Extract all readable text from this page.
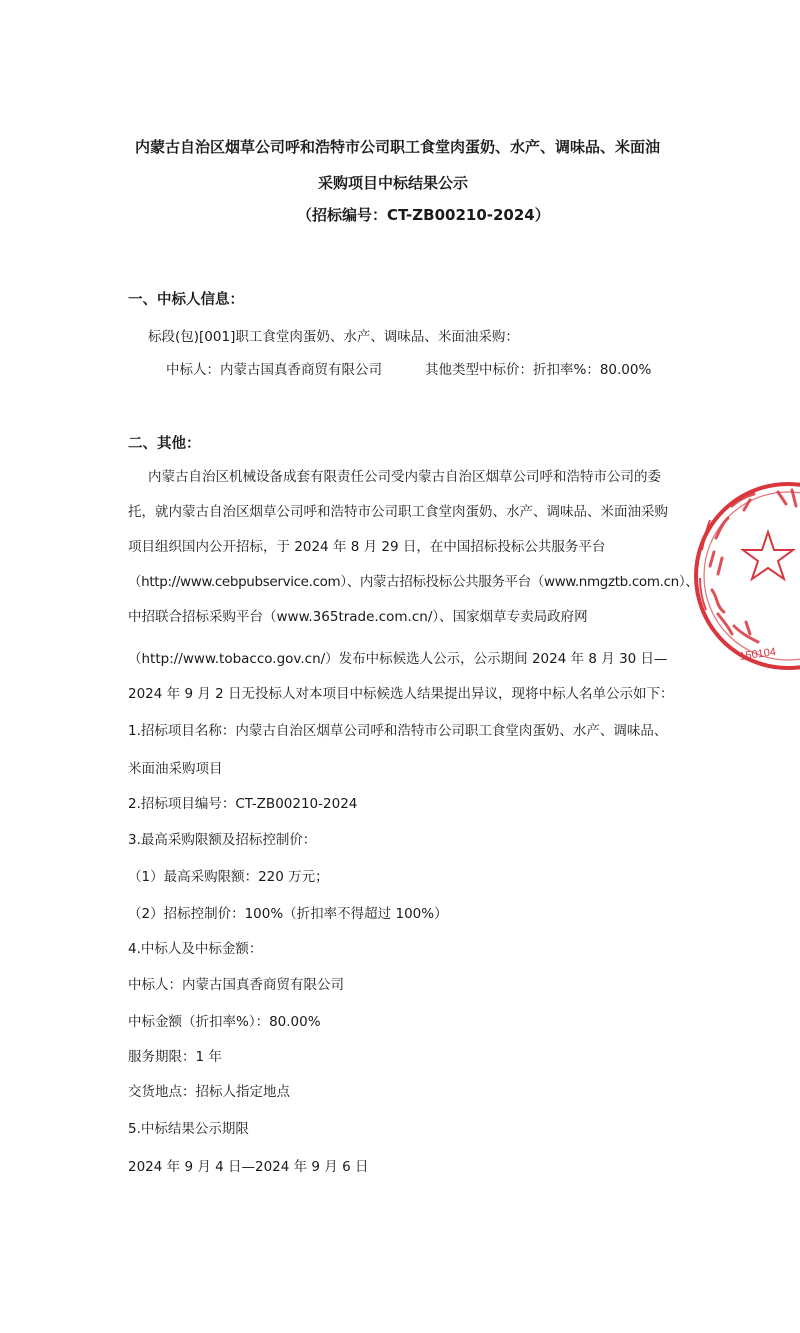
内蒙古自治区烟草公司呼和浩特市公司职工食堂肉蛋奶、水产、调味品、米面油
采购项目中标结果公示
（招标编号：CT-ZB00210-2024）
一、中标人信息：
标段(包)[001]职工食堂肉蛋奶、水产、调味品、米面油采购：
中标人：内蒙古国真香商贸有限公司	其他类型中标价：折扣率%：80.00%
二、其他：
内蒙古自治区机械设备成套有限责任公司受内蒙古自治区烟草公司呼和浩特市公司的委
托，就内蒙古自治区烟草公司呼和浩特市公司职工食堂肉蛋奶、水产、调味品、米面油采购
项目组织国内公开招标，于 2024 年 8 月 29 日，在中国招标投标公共服务平台
（http://www.cebpubservice.com）、内蒙古招标投标公共服务平台（www.nmgztb.com.cn）、
中招联合招标采购平台（www.365trade.com.cn/）、国家烟草专卖局政府网
（http://www.tobacco.gov.cn/）发布中标候选人公示，公示期间 2024 年 8 月 30 日—
2024 年 9 月 2 日无投标人对本项目中标候选人结果提出异议，现将中标人名单公示如下：
1.招标项目名称：内蒙古自治区烟草公司呼和浩特市公司职工食堂肉蛋奶、水产、调味品、
米面油采购项目
2.招标项目编号：CT-ZB00210-2024
3.最高采购限额及招标控制价：
（1）最高采购限额：220 万元；
（2）招标控制价：100%（折扣率不得超过 100%）
4.中标人及中标金额：
中标人：内蒙古国真香商贸有限公司
中标金额（折扣率%）：80.00%
服务期限：1 年
交货地点：招标人指定地点
5.中标结果公示期限
2024 年 9 月 4 日—2024 年 9 月 6 日
150104
